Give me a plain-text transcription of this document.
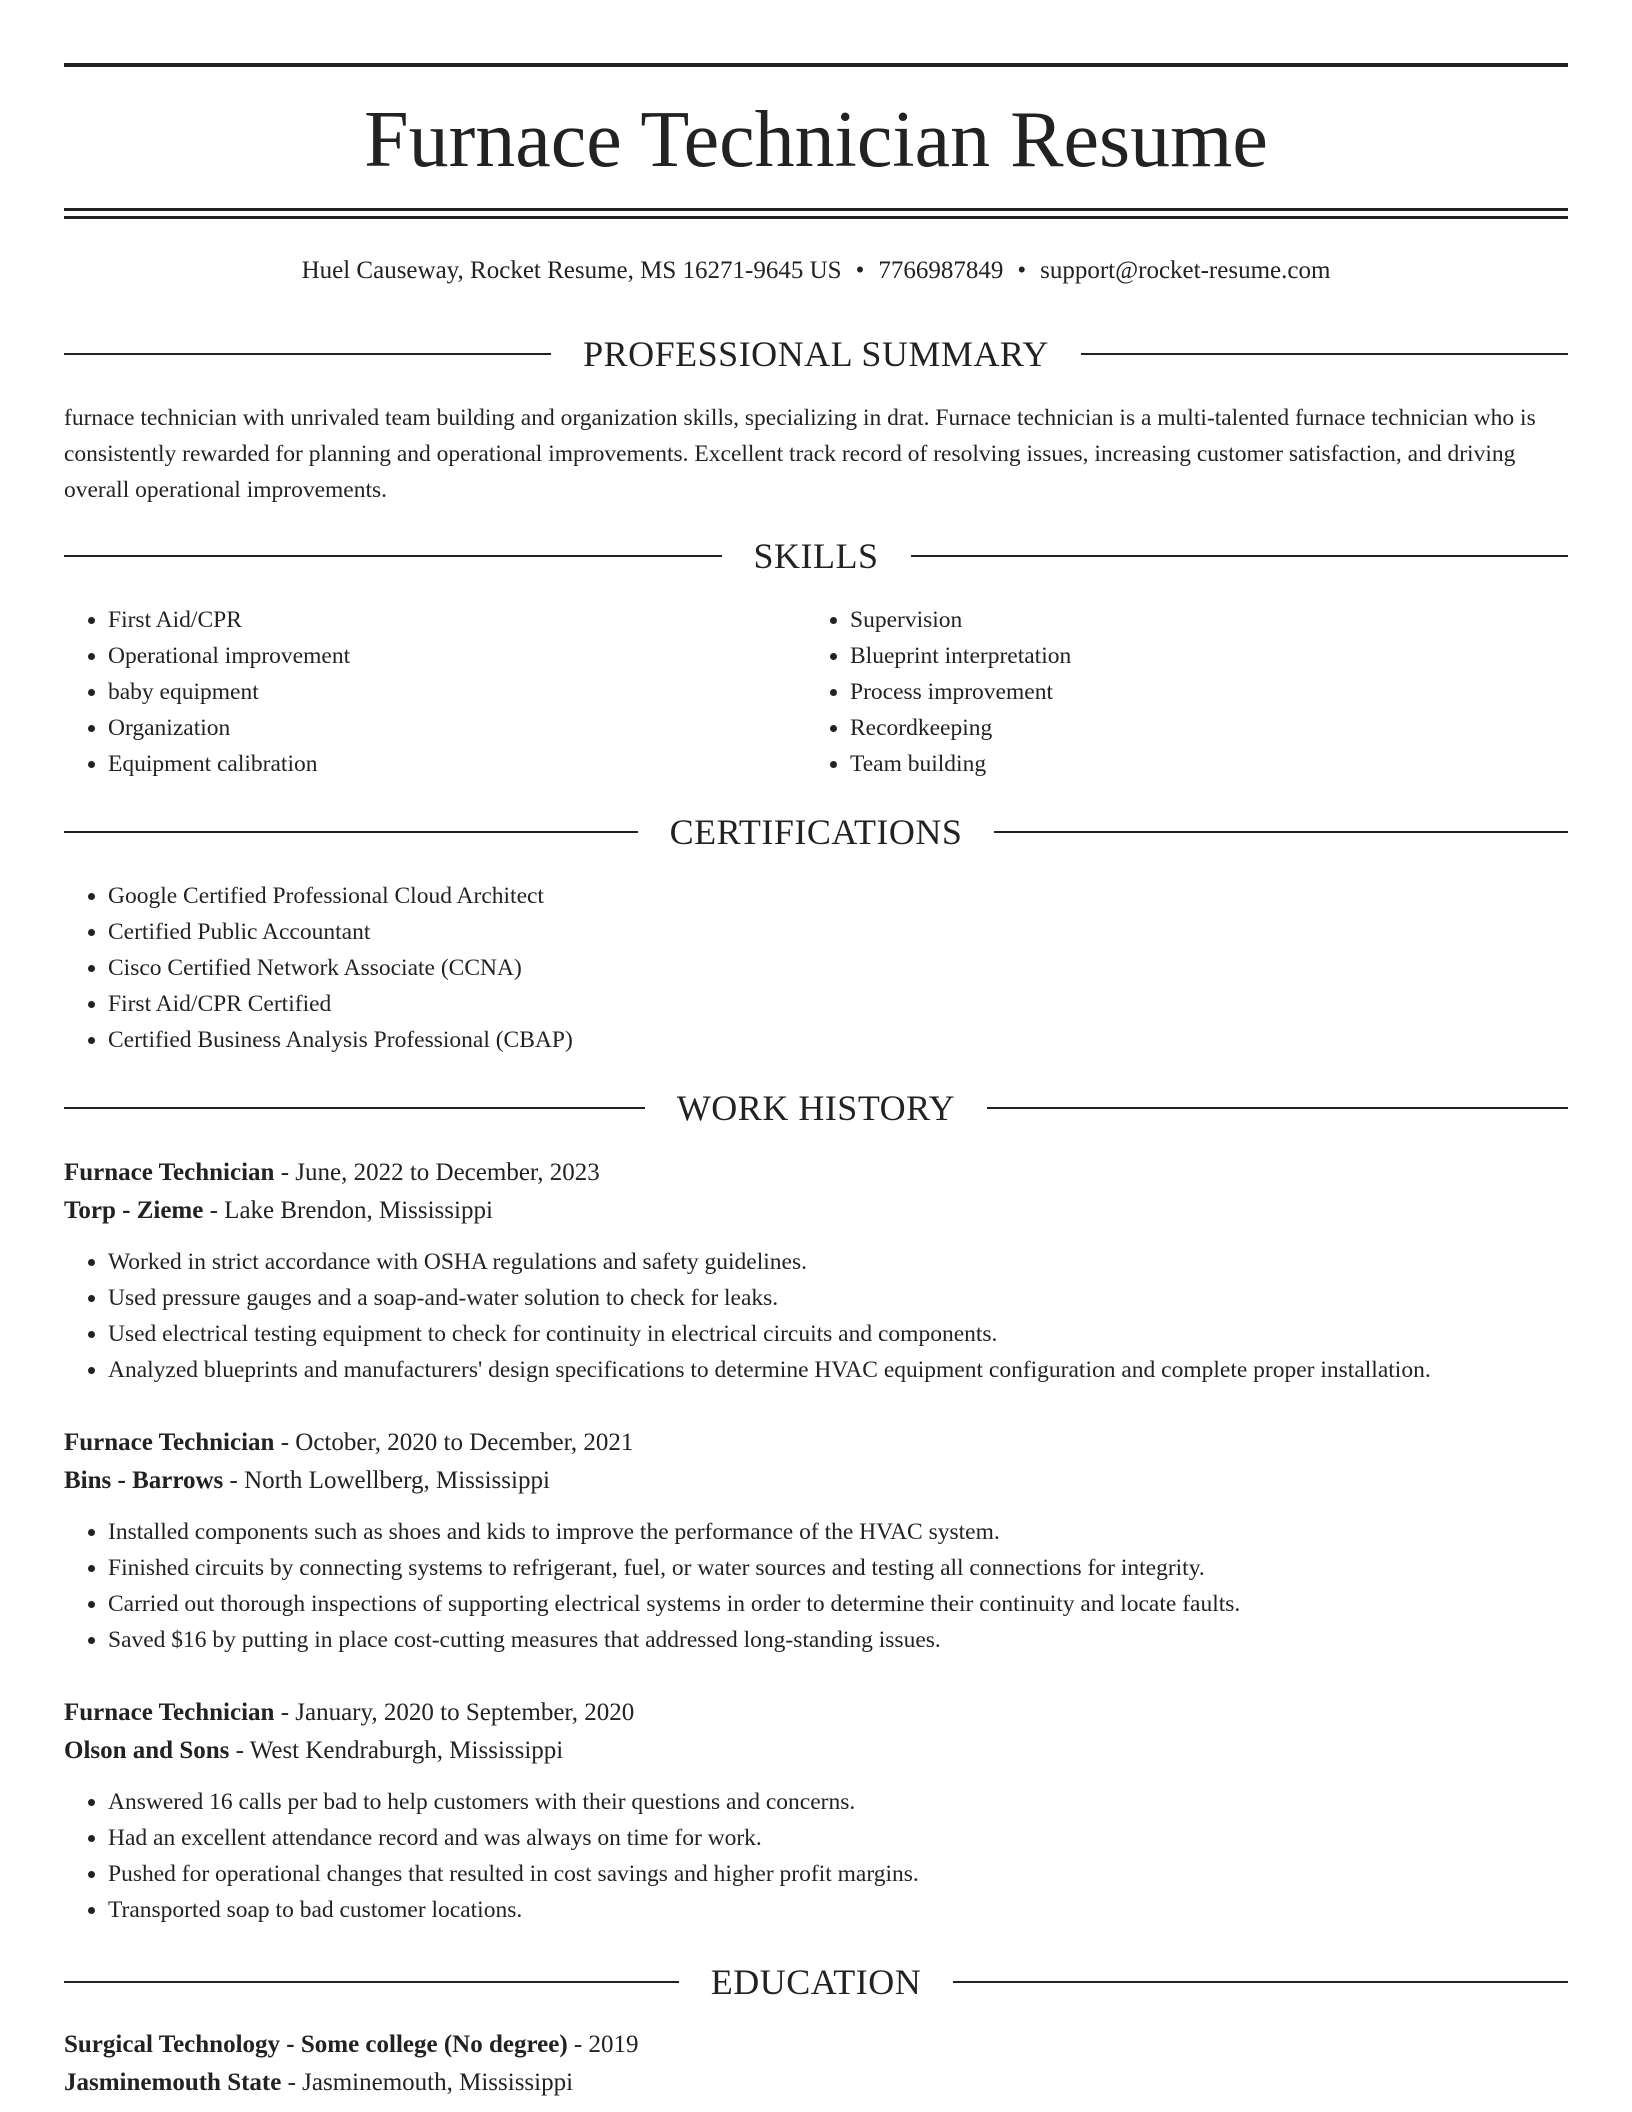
Furnace Technician Resume
Huel Causeway, Rocket Resume, MS 16271-9645 US • 7766987849 • support@rocket-resume.com
PROFESSIONAL SUMMARY

furnace technician with unrivaled team building and organization skills, specializing in drat. Furnace technician is a multi-talented furnace technician who is consistently rewarded for planning and operational improvements. Excellent track record of resolving issues, increasing customer satisfaction, and driving overall operational improvements.

SKILLS
• First Aid/CPR
• Operational improvement
• baby equipment
• Organization
• Equipment calibration
• Supervision
• Blueprint interpretation
• Process improvement
• Recordkeeping
• Team building
CERTIFICATIONS
• Google Certified Professional Cloud Architect
• Certified Public Accountant
• Cisco Certified Network Associate (CCNA)
• First Aid/CPR Certified
• Certified Business Analysis Professional (CBAP)
WORK HISTORY
Furnace Technician - June, 2022 to December, 2023
Torp - Zieme - Lake Brendon, Mississippi
• Worked in strict accordance with OSHA regulations and safety guidelines.
• Used pressure gauges and a soap-and-water solution to check for leaks.
• Used electrical testing equipment to check for continuity in electrical circuits and components.
• Analyzed blueprints and manufacturers' design specifications to determine HVAC equipment configuration and complete proper installation.
Furnace Technician - October, 2020 to December, 2021
Bins - Barrows - North Lowellberg, Mississippi
• Installed components such as shoes and kids to improve the performance of the HVAC system.
• Finished circuits by connecting systems to refrigerant, fuel, or water sources and testing all connections for integrity.
• Carried out thorough inspections of supporting electrical systems in order to determine their continuity and locate faults.
• Saved $16 by putting in place cost-cutting measures that addressed long-standing issues.
Furnace Technician - January, 2020 to September, 2020
Olson and Sons - West Kendraburgh, Mississippi
• Answered 16 calls per bad to help customers with their questions and concerns.
• Had an excellent attendance record and was always on time for work.
• Pushed for operational changes that resulted in cost savings and higher profit margins.
• Transported soap to bad customer locations.
EDUCATION
Surgical Technology - Some college (No degree) - 2019
Jasminemouth State - Jasminemouth, Mississippi
